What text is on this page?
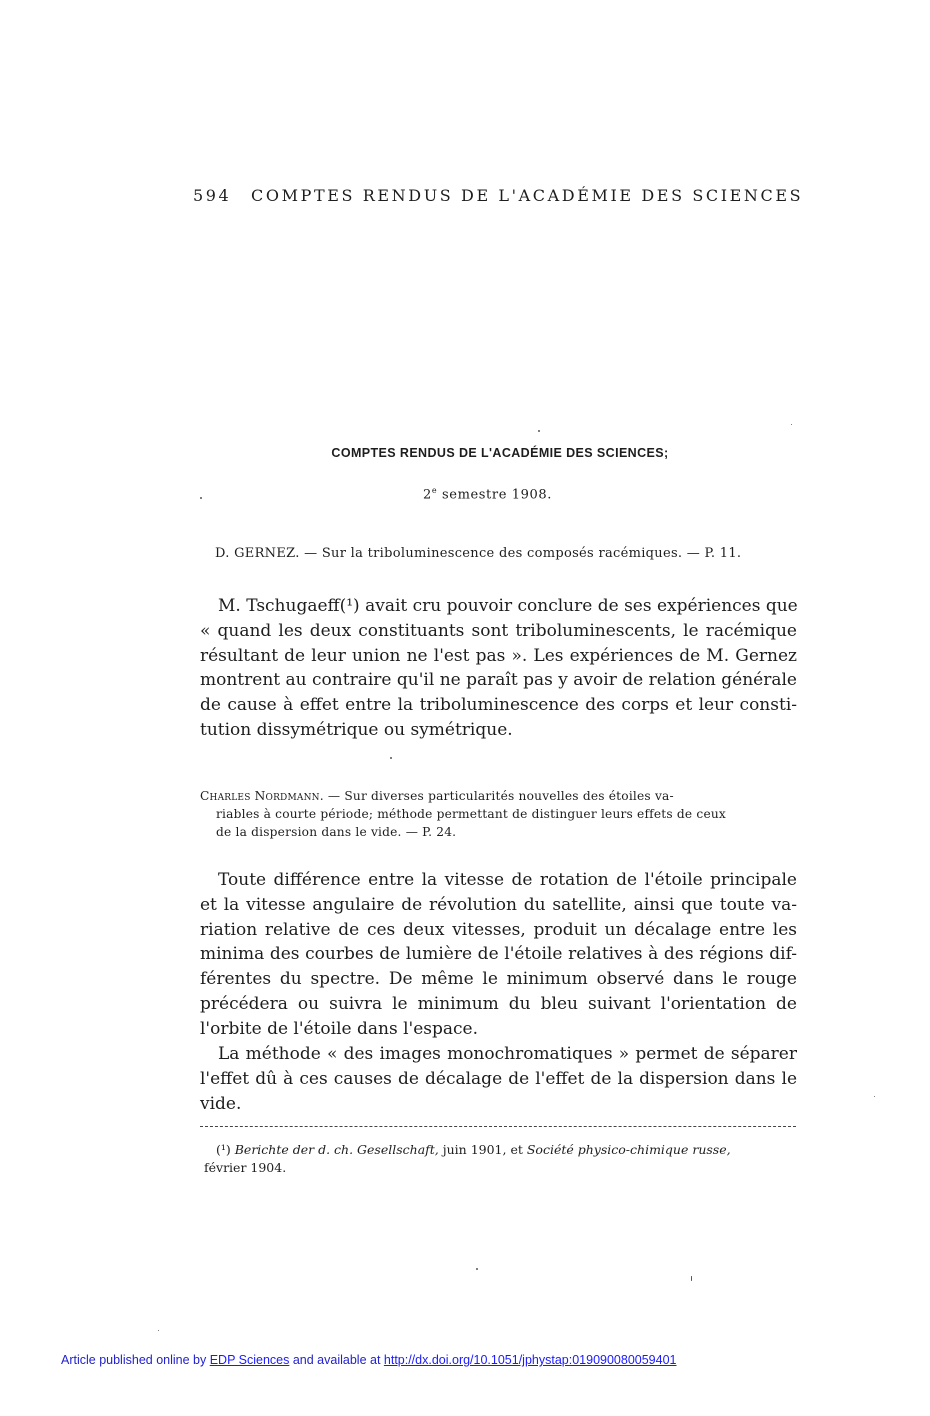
594 COMPTES RENDUS DE L'ACADÉMIE DES SCIENCES
COMPTES RENDUS DE L'ACADÉMIE DES SCIENCES;
2e semestre 1908.
D. GERNEZ. — Sur la triboluminescence des composés racémiques. — P. 11.
M. Tschugaeff(¹) avait cru pouvoir conclure de ses expériences que
« quand les deux constituants sont triboluminescents, le racémique
résultant de leur union ne l'est pas ». Les expériences de M. Gernez
montrent au contraire qu'il ne paraît pas y avoir de relation générale
de cause à effet entre la triboluminescence des corps et leur consti-
tution dissymétrique ou symétrique.
Charles Nordmann. — Sur diverses particularités nouvelles des étoiles va-
riables à courte période; méthode permettant de distinguer leurs effets de ceux
de la dispersion dans le vide. — P. 24.
Toute différence entre la vitesse de rotation de l'étoile principale
et la vitesse angulaire de révolution du satellite, ainsi que toute va-
riation relative de ces deux vitesses, produit un décalage entre les
minima des courbes de lumière de l'étoile relatives à des régions dif-
férentes du spectre. De même le minimum observé dans le rouge
précédera ou suivra le minimum du bleu suivant l'orientation de
l'orbite de l'étoile dans l'espace.
La méthode « des images monochromatiques » permet de séparer
l'effet dû à ces causes de décalage de l'effet de la dispersion dans le
vide.
(¹) Berichte der d. ch. Gesellschaft, juin 1901, et Société physico-chimique russe,
février 1904.
Article published online by EDP Sciences and available at http://dx.doi.org/10.1051/jphystap:019090080059401
